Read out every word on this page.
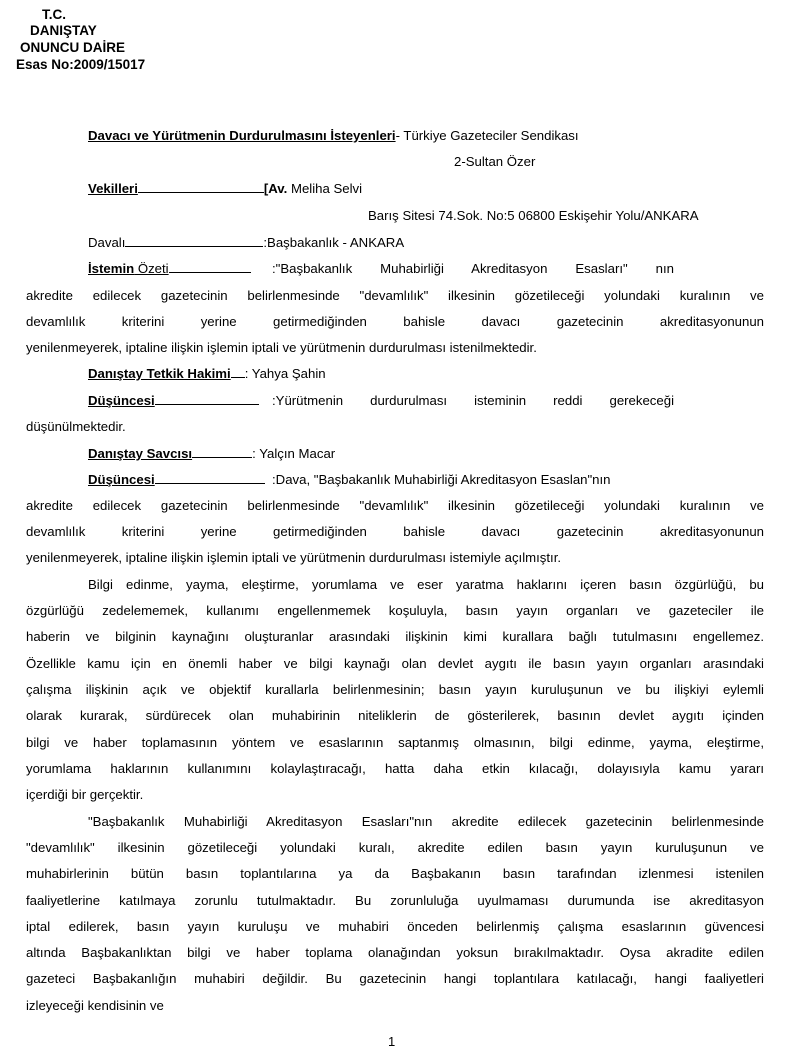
T.C.
DANIŞTAY
ONUNCU DAİRE
Esas No:2009/15017
Davacı ve Yürütmenin Durdurulmasını İsteyenleri- Türkiye Gazeteciler Sendikası
2-Sultan Özer
Vekilleri	[Av. Meliha Selvi
Barış Sitesi 74.Sok. No:5 06800 Eskişehir Yolu/ANKARA
Davalı	:Başbakanlık - ANKARA
İstemin Özeti	:"Başbakanlık Muhabirliği Akreditasyon Esasları" nın
akredite edilecek gazetecinin belirlenmesinde "devamlılık" ilkesinin gözetileceği yolundaki kuralının ve
devamlılık kriterini yerine getirmediğinden bahisle davacı gazetecinin akreditasyonunun
yenilenmeyerek, iptaline ilişkin işlemin iptali ve yürütmenin durdurulması istenilmektedir.
Danıştay Tetkik Hakimi : Yahya Şahin
Düşüncesi	:Yürütmenin durdurulması isteminin reddi gerekeceği
düşünülmektedir.
Danıştay Savcısı	: Yalçın Macar
Düşüncesi	:Dava, "Başbakanlık Muhabirliği Akreditasyon Esaslan"nın
akredite edilecek gazetecinin belirlenmesinde "devamlılık" ilkesinin gözetileceği yolundaki kuralının ve
devamlılık kriterini yerine getirmediğinden bahisle davacı gazetecinin akreditasyonunun
yenilenmeyerek, iptaline ilişkin işlemin iptali ve yürütmenin durdurulması istemiyle açılmıştır.
Bilgi edinme, yayma, eleştirme, yorumlama ve eser yaratma haklarını içeren basın özgürlüğü, bu
özgürlüğü zedelememek, kullanımı engellenmemek koşuluyla, basın yayın organları ve gazeteciler ile
haberin ve bilginin kaynağını oluşturanlar arasındaki ilişkinin kimi kurallara bağlı tutulmasını engellemez.
Özellikle kamu için en önemli haber ve bilgi kaynağı olan devlet aygıtı ile basın yayın organları arasındaki
çalışma ilişkinin açık ve objektif kurallarla belirlenmesinin; basın yayın kuruluşunun ve bu ilişkiyi eylemli
olarak kurarak, sürdürecek olan muhabirinin niteliklerin de gösterilerek, basının devlet aygıtı içinden
bilgi ve haber toplamasının yöntem ve esaslarının saptanmış olmasının, bilgi edinme, yayma, eleştirme,
yorumlama haklarının kullanımını kolaylaştıracağı, hatta daha etkin kılacağı, dolayısıyla kamu yararı
içerdiği bir gerçektir.
"Başbakanlık Muhabirliği Akreditasyon Esasları"nın akredite edilecek gazetecinin belirlenmesinde
"devamlılık" ilkesinin gözetileceği yolundaki kuralı, akredite edilen basın yayın kuruluşunun ve
muhabirlerinin bütün basın toplantılarına ya da Başbakanın basın tarafından izlenmesi istenilen
faaliyetlerine katılmaya zorunlu tutulmaktadır. Bu zorunluluğa uyulmaması durumunda ise akreditasyon
iptal edilerek, basın yayın kuruluşu ve muhabiri önceden belirlenmiş çalışma esaslarının güvencesi
altında Başbakanlıktan bilgi ve haber toplama olanağından yoksun bırakılmaktadır. Oysa akradite edilen
gazeteci Başbakanlığın muhabiri değildir. Bu gazetecinin hangi toplantılara katılacağı, hangi faaliyetleri
izleyeceği kendisinin ve
1
